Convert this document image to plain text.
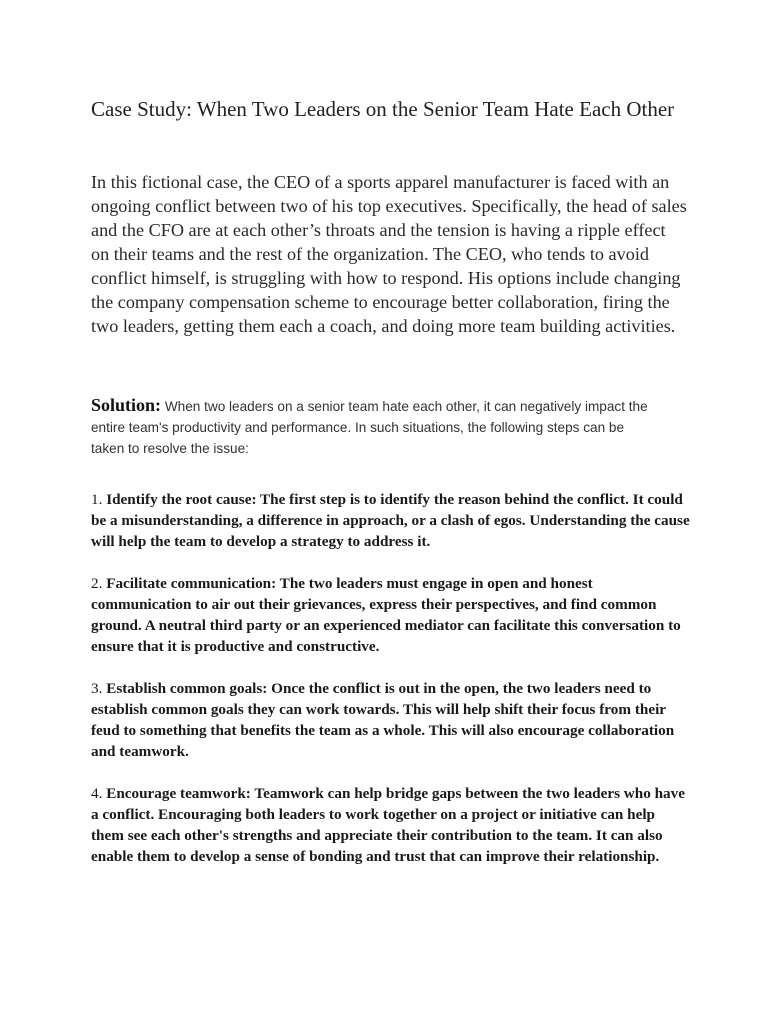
Case Study: When Two Leaders on the Senior Team Hate Each Other

In this fictional case, the CEO of a sports apparel manufacturer is faced with an ongoing conflict between two of his top executives. Specifically, the head of sales and the CFO are at each other’s throats and the tension is having a ripple effect on their teams and the rest of the organization. The CEO, who tends to avoid conflict himself, is struggling with how to respond. His options include changing the company compensation scheme to encourage better collaboration, firing the two leaders, getting them each a coach, and doing more team building activities.

Solution: When two leaders on a senior team hate each other, it can negatively impact the entire team's productivity and performance. In such situations, the following steps can be taken to resolve the issue:

1. Identify the root cause: The first step is to identify the reason behind the conflict. It could be a misunderstanding, a difference in approach, or a clash of egos. Understanding the cause will help the team to develop a strategy to address it.
2. Facilitate communication: The two leaders must engage in open and honest communication to air out their grievances, express their perspectives, and find common ground. A neutral third party or an experienced mediator can facilitate this conversation to ensure that it is productive and constructive.
3. Establish common goals: Once the conflict is out in the open, the two leaders need to establish common goals they can work towards. This will help shift their focus from their feud to something that benefits the team as a whole. This will also encourage collaboration and teamwork.
4. Encourage teamwork: Teamwork can help bridge gaps between the two leaders who have a conflict. Encouraging both leaders to work together on a project or initiative can help them see each other's strengths and appreciate their contribution to the team. It can also enable them to develop a sense of bonding and trust that can improve their relationship.
